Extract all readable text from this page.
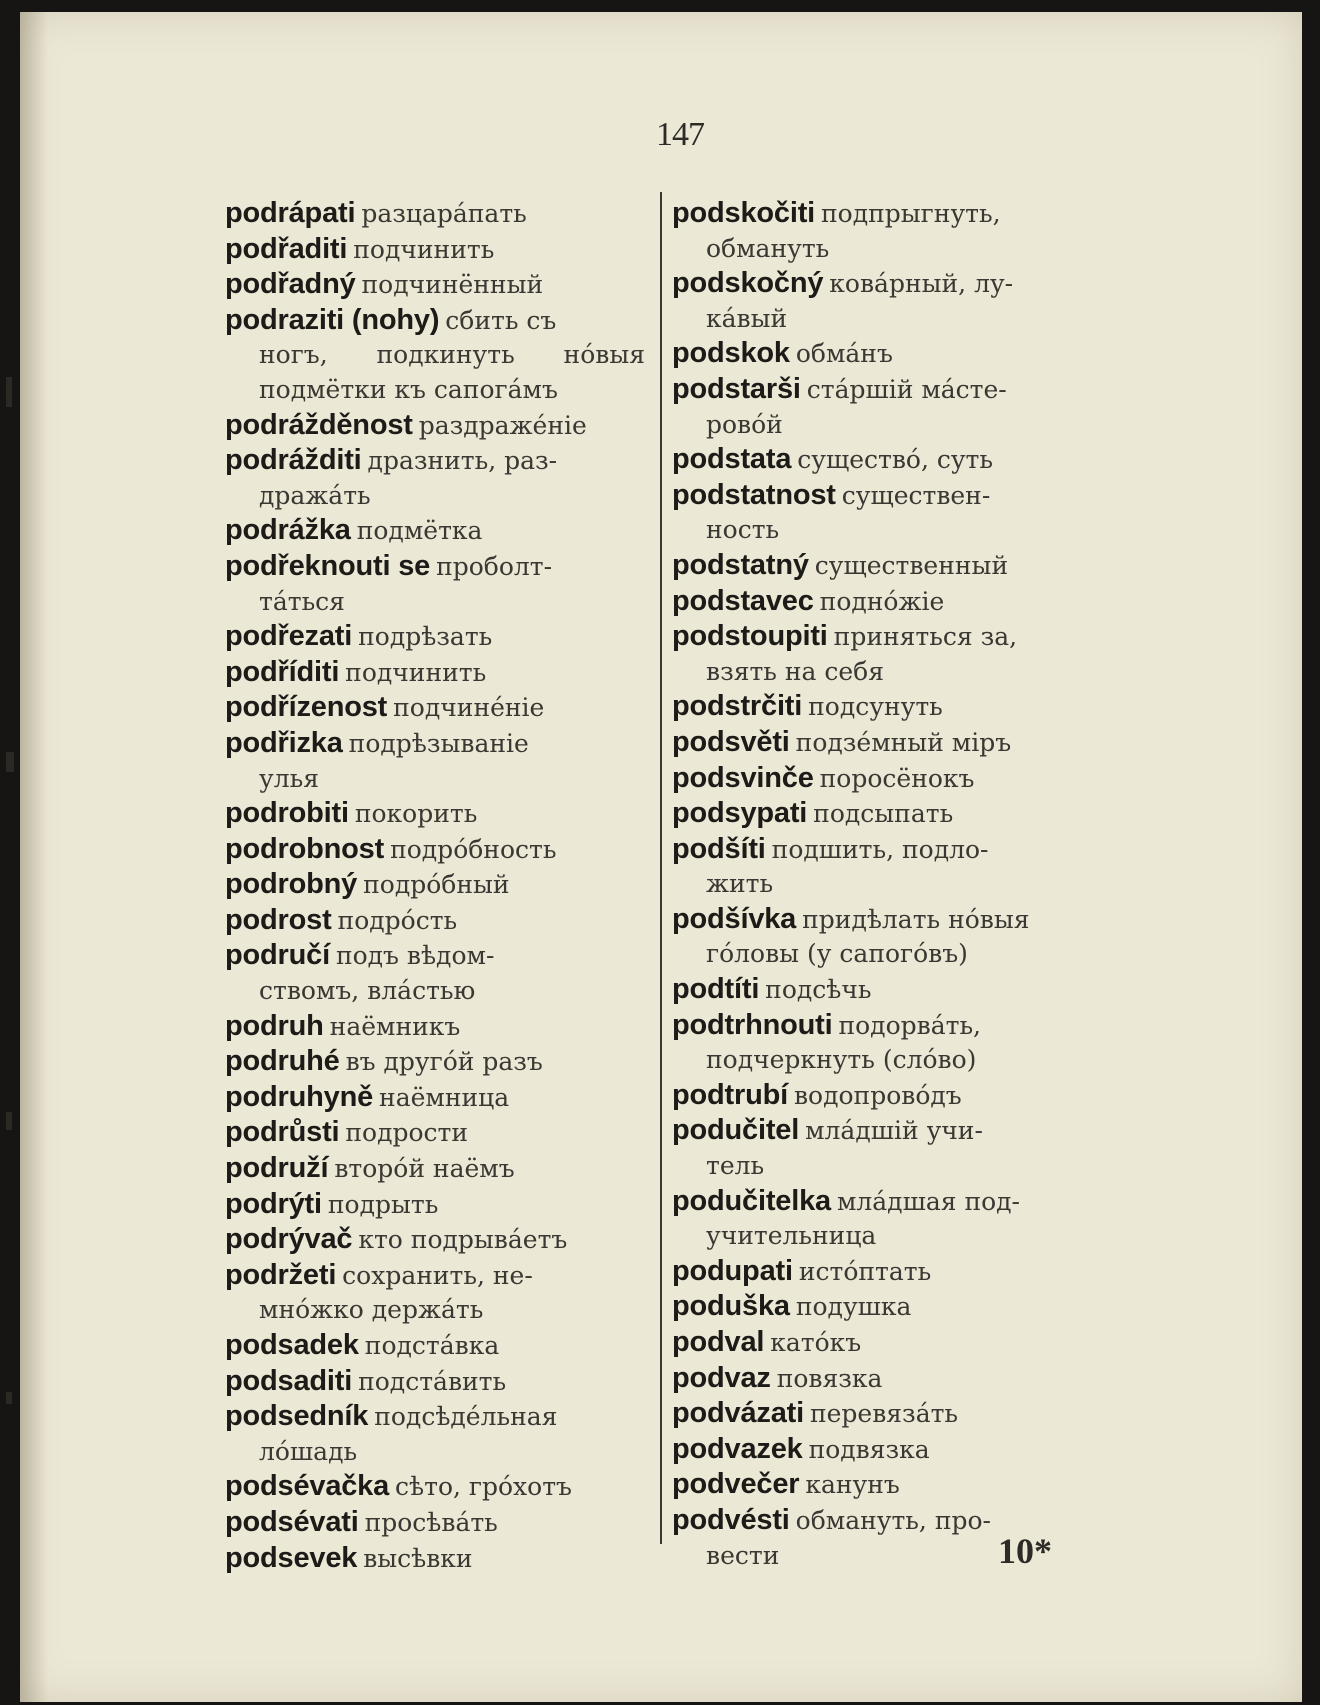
147
podrápati разцарáпать
podřaditi подчинить
podřadný подчинённый
podraziti (nohy) сбить съ
ногъ, подкинуть нóвыя подмётки къ сапогáмъ
podrážděnost раздражéніе
podrážditi дразнить, раз-
дражáть
podrážka подмётка
podřeknouti se проболт-
тáться
podřezati подрѣзать
podříditi подчинить
podřízenost подчинéніе
podřizka подрѣзываніе
улья
podrobiti покорить
podrobnost подрóбность
podrobný подрóбный
podrost подрóсть
područí подъ вѣдом-
ствомъ, влáстью
podruh наёмникъ
podruhé въ другóй разъ
podruhyně наёмница
podrůsti подрости
podruží вторóй наёмъ
podrýti подрыть
podrývač кто подрывáетъ
podržeti сохранить, не-
мнóжко держáть
podsadek подстáвка
podsaditi подстáвить
podsedník подсѣдéльная
лóшадь
podsévačka сѣто, грóхотъ
podsévati просѣвáть
podsevek высѣвки
podskočiti подпрыгнуть,
обмануть
podskočný ковáрный, лу-
кáвый
podskok обмáнъ
podstarši стáршій мáсте-
ровóй
podstata существó, суть
podstatnost существен-
ность
podstatný существенный
podstavec поднóжіе
podstoupiti приняться за,
взять на себя
podstrčiti подсунуть
podsvěti подзéмный міръ
podsvinče поросёнокъ
podsypati подсыпать
podšíti подшить, подло-
жить
podšívka придѣлать нóвыя
гóловы (у сапогóвъ)
podtíti подсѣчь
podtrhnouti подорвáть,
подчеркнуть (слóво)
podtrubí водопровóдъ
podučitel млáдшій учи-
тель
podučitelka млáдшая под-
учительница
podupati истóптать
poduška подушка
podval катóкъ
podvaz повязка
podvázati перевязáть
podvazek подвязка
podvečer канунъ
podvésti обмануть, про-
вести	10*
